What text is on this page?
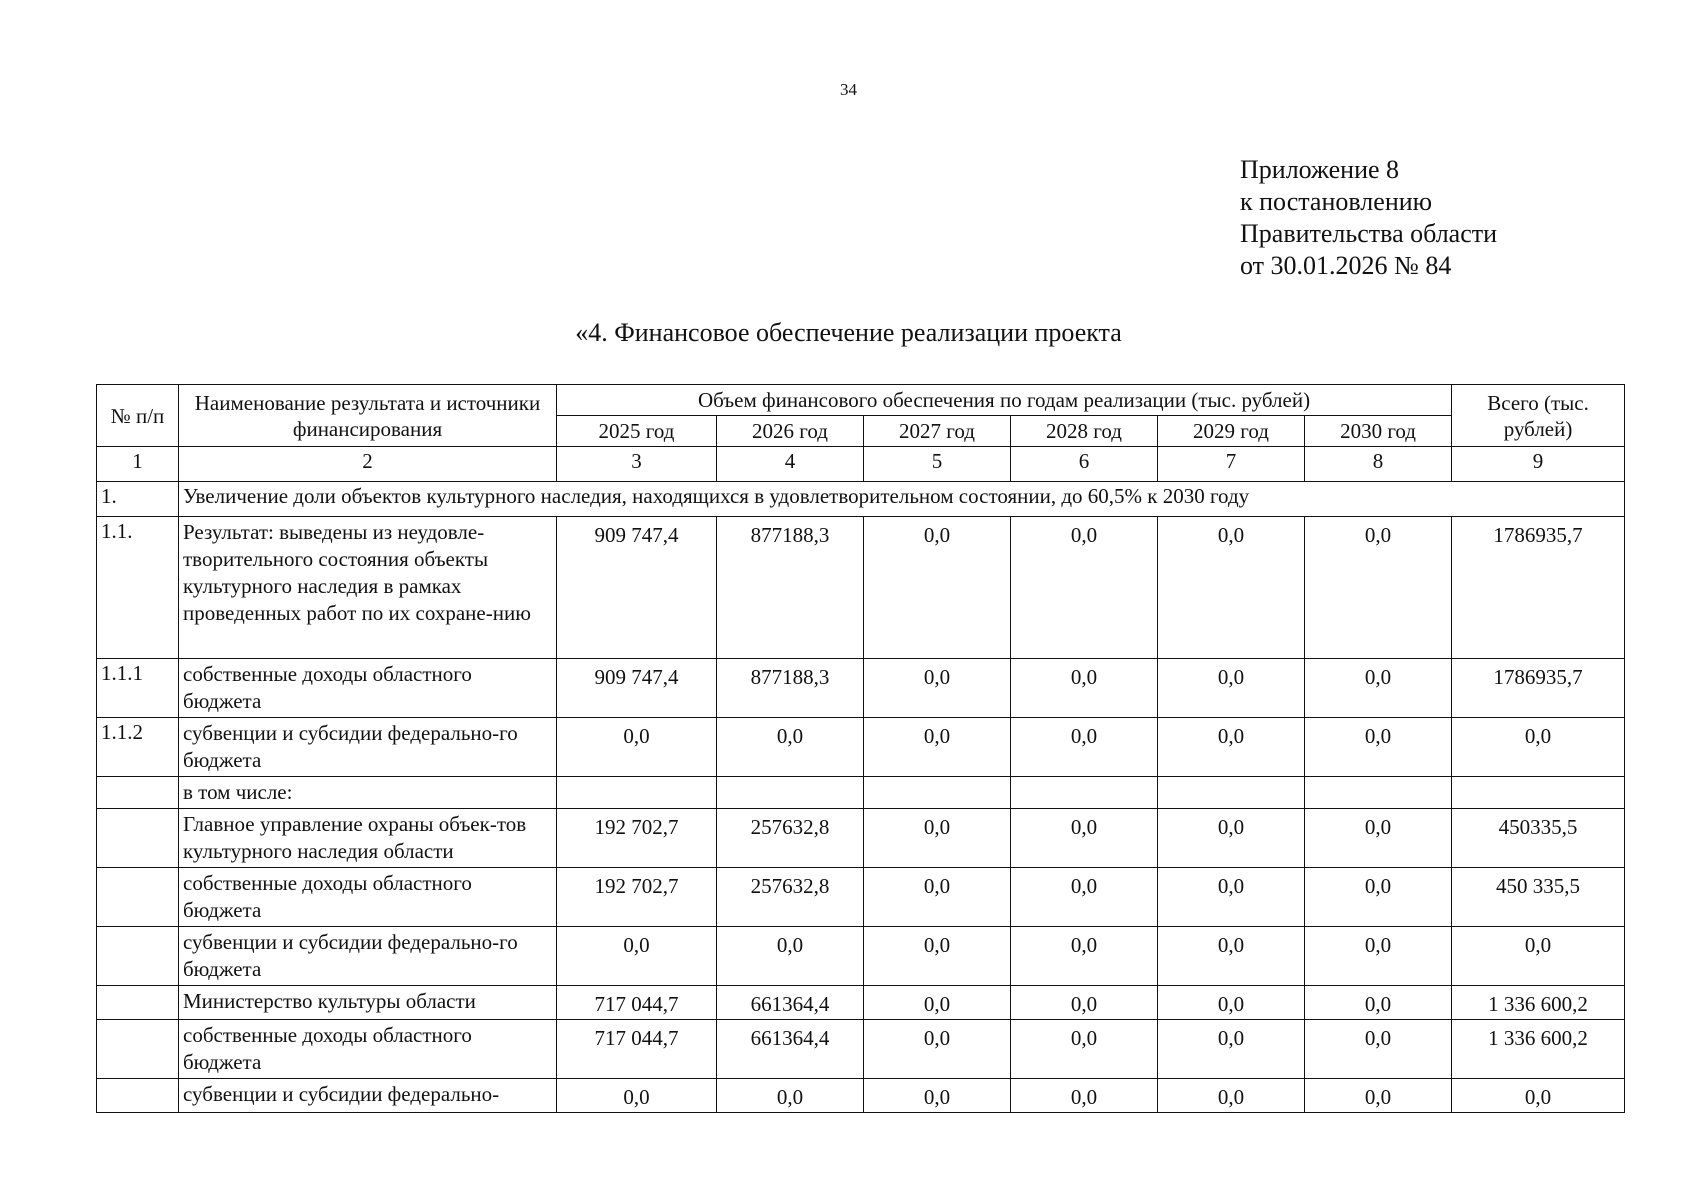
34
Приложение 8
к постановлению
Правительства области
от 30.01.2026 № 84
«4. Финансовое обеспечение реализации проекта
№ п/п	Наименование результата и источники финансирования	Объем финансового обеспечения по годам реализации (тыс. рублей)						Всего (тыс. рублей)
		2025 год	2026 год	2027 год	2028 год	2029 год	2030 год	
1	2	3	4	5	6	7	8	9
1.	Увеличение доли объектов культурного наследия, находящихся в удовлетворительном состоянии, до 60,5% к 2030 году							
1.1.	Результат: выведены из неудовле-творительного состояния объекты культурного наследия в рамках проведенных работ по их сохране-нию	909 747,4	877188,3	0,0	0,0	0,0	0,0	1786935,7
1.1.1	собственные доходы областного бюджета	909 747,4	877188,3	0,0	0,0	0,0	0,0	1786935,7
1.1.2	субвенции и субсидии федерально-го бюджета	0,0	0,0	0,0	0,0	0,0	0,0	0,0
	в том числе:							
	Главное управление охраны объек-тов культурного наследия области	192 702,7	257632,8	0,0	0,0	0,0	0,0	450335,5
	собственные доходы областного бюджета	192 702,7	257632,8	0,0	0,0	0,0	0,0	450 335,5
	субвенции и субсидии федерально-го бюджета	0,0	0,0	0,0	0,0	0,0	0,0	0,0
	Министерство культуры области	717 044,7	661364,4	0,0	0,0	0,0	0,0	1 336 600,2
	собственные доходы областного бюджета	717 044,7	661364,4	0,0	0,0	0,0	0,0	1 336 600,2
	субвенции и субсидии федерально-	0,0	0,0	0,0	0,0	0,0	0,0	0,0
